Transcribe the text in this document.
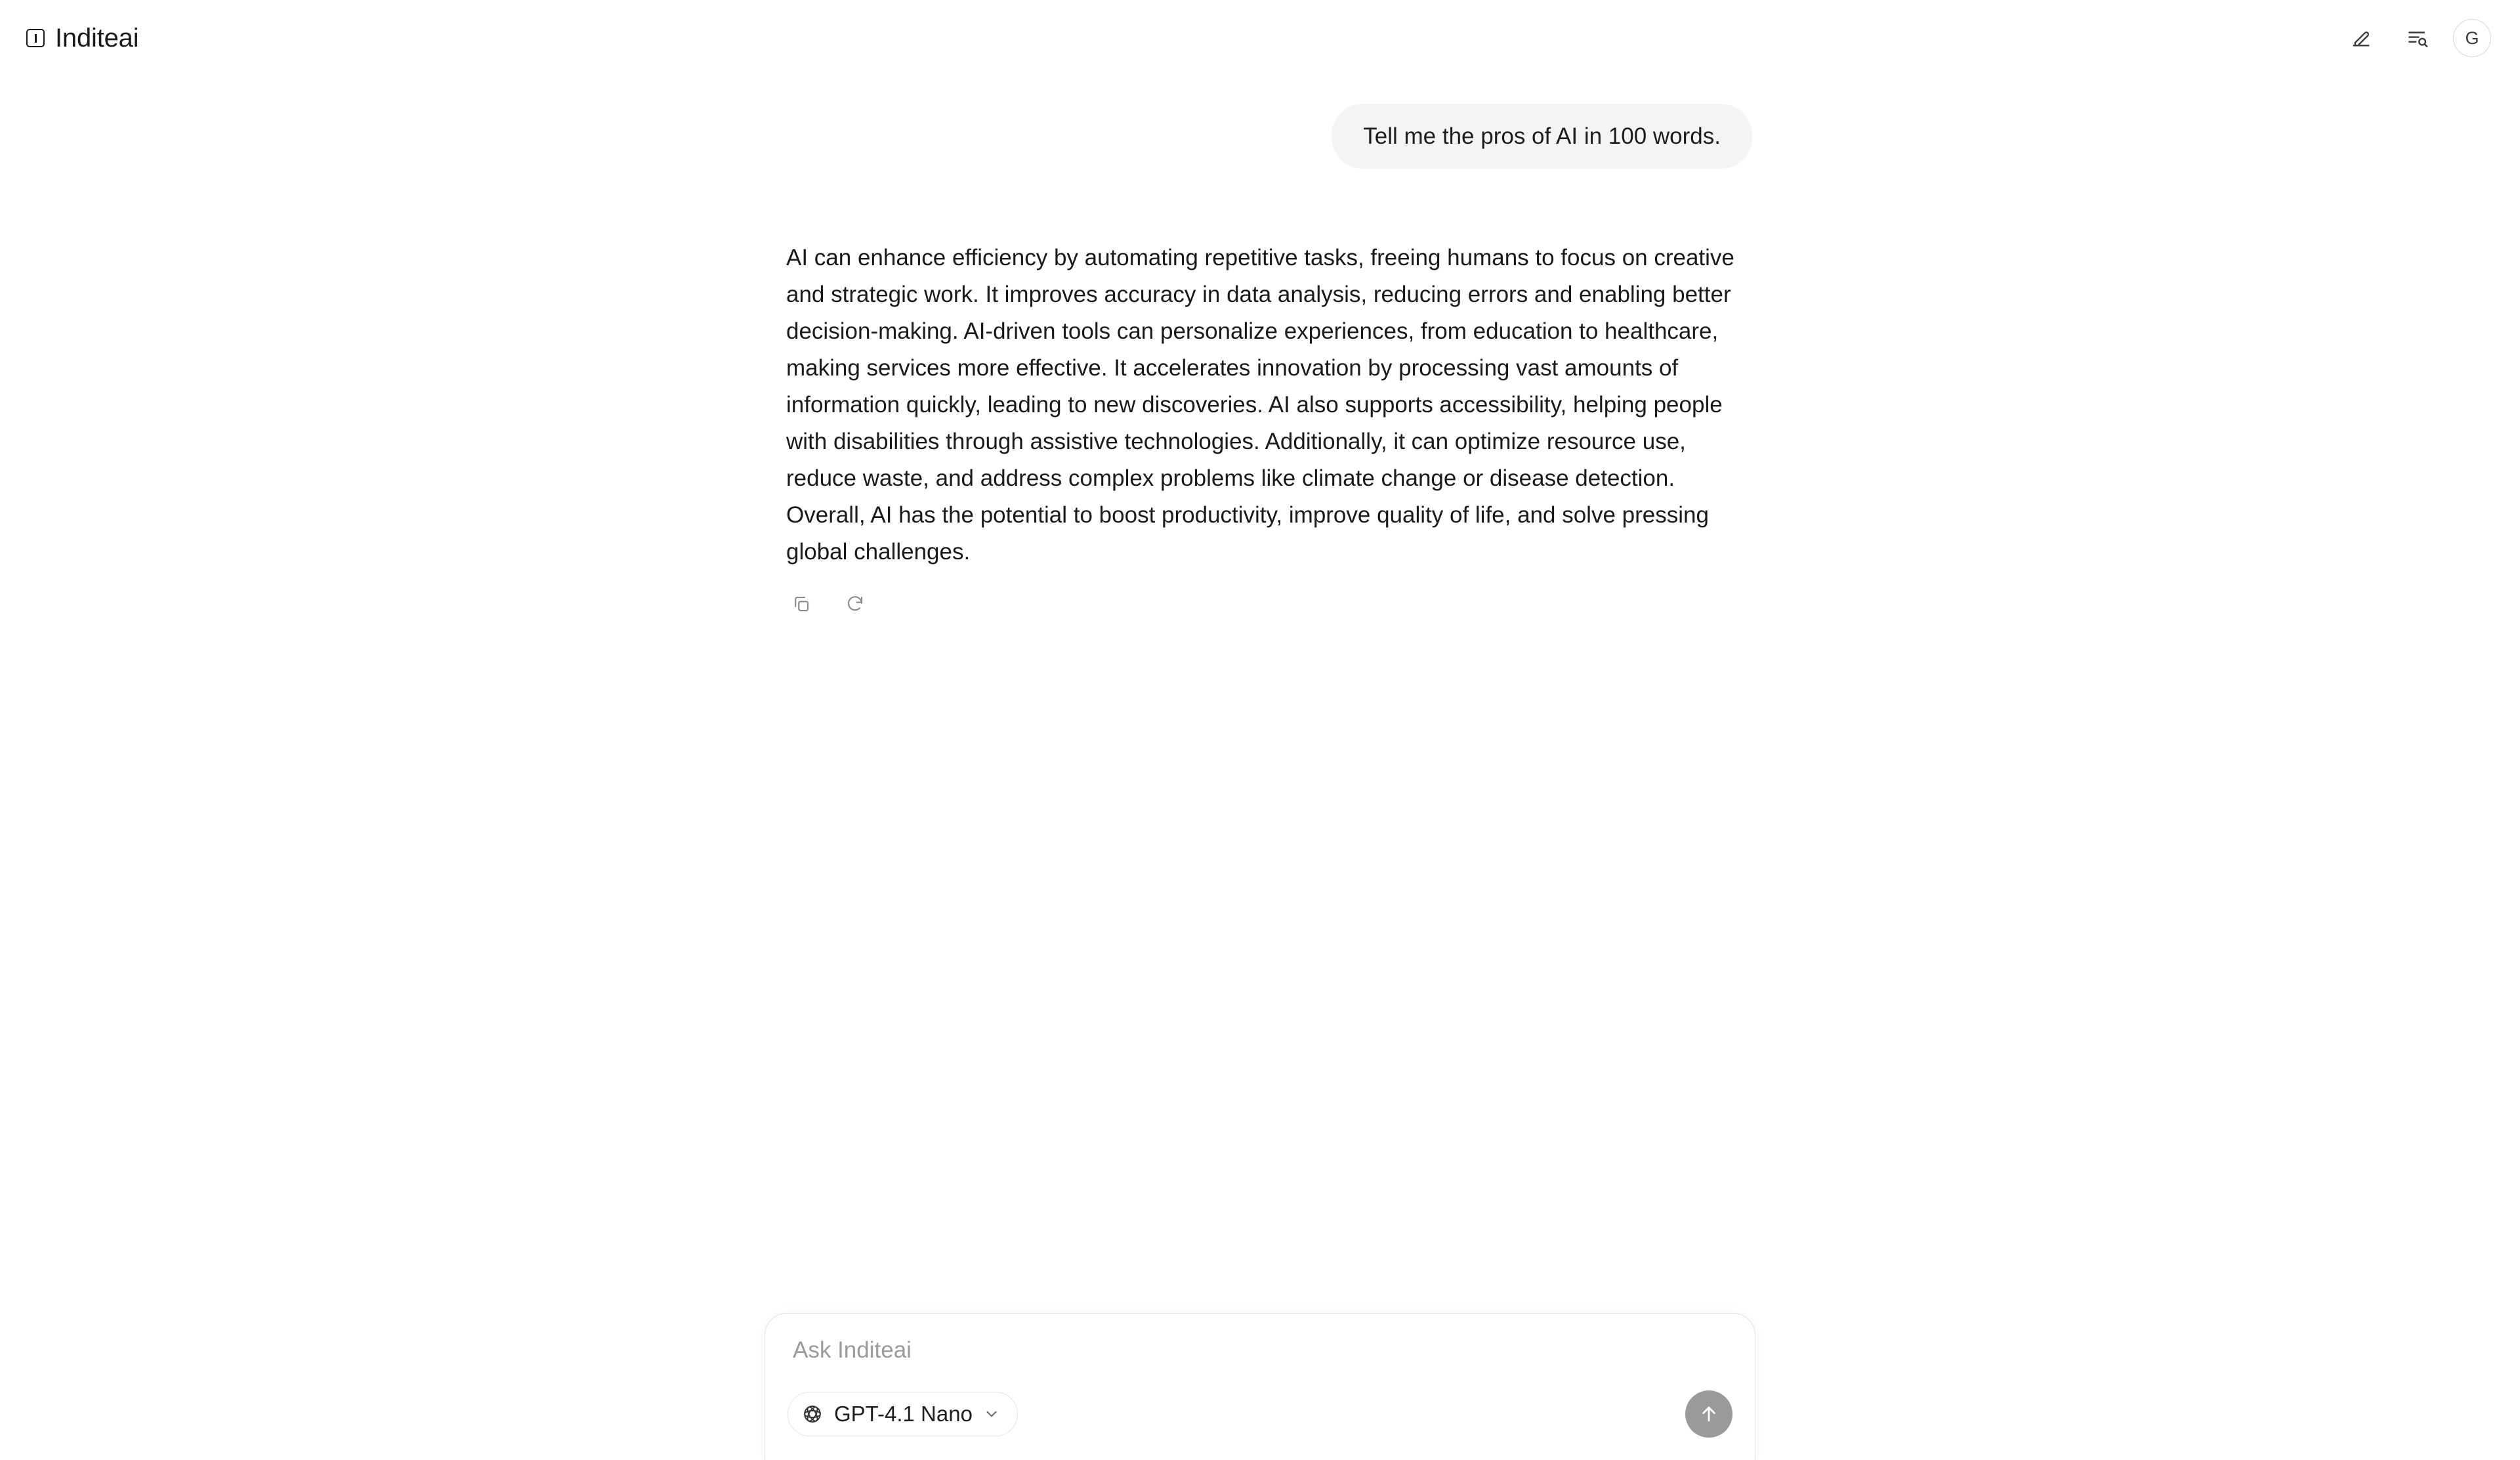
Inditeai	G
Tell me the pros of AI in 100 words.
AI can enhance efficiency by automating repetitive tasks, freeing humans to focus on creative and strategic work. It improves accuracy in data analysis, reducing errors and enabling better decision-making. AI-driven tools can personalize experiences, from education to healthcare, making services more effective. It accelerates innovation by processing vast amounts of information quickly, leading to new discoveries. AI also supports accessibility, helping people with disabilities through assistive technologies. Additionally, it can optimize resource use, reduce waste, and address complex problems like climate change or disease detection. Overall, AI has the potential to boost productivity, improve quality of life, and solve pressing global challenges.
Ask Inditeai
GPT-4.1 Nano
